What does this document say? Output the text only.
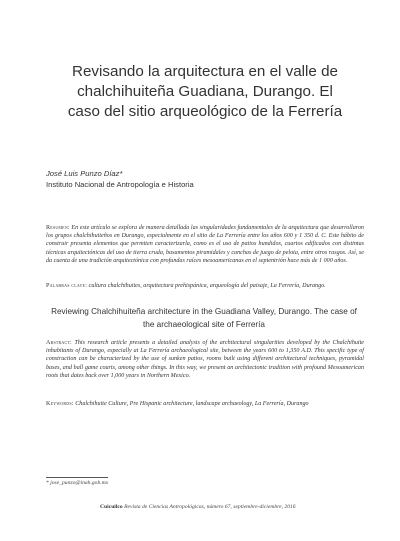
Revisando la arquitectura en el valle de chalchihuiteña Guadiana, Durango. El caso del sitio arqueológico de la Ferrería
José Luis Punzo Díaz*
Instituto Nacional de Antropología e Historia

Resumen: En este artículo se explora de manera detallada las singularidades fundamentales de la arquitectura que desarrollaron los grupos chalchihuiteños en Durango, especialmente en el sitio de La Ferrería entre los años 600 y 1 350 d. C. Este hábito de construir presenta elementos que permiten caracterizarla, como es el uso de patios hundidos, cuartos edificados con distintas técnicas arquitectónicas del uso de tierra cruda, basamentos piramidales y canchas de juego de pelota, entre otros rasgos. Así, se da cuenta de una tradición arquitectónica con profundas raíces mesoamericanas en el septentrión hace más de 1 000 años.

Palabras clave: cultura chalchihuites, arquitectura prehispánica, arqueología del paisaje, La Ferrería, Durango.

Reviewing Chalchihuiteña architecture in the Guadiana Valley, Durango. The case of the archaeological site of Ferrería

Abstract: This research article presents a detailed analysis of the architectural singularities developed by the Chalchihuite inhabitants of Durango, especially at La Ferrería archaeological site, between the years 600 to 1,350 A.D. This specific type of construction can be characterized by the use of sunken patios, rooms built using different architectural techniques, pyramidal bases, and ball game courts, among other things. In this way, we present an architectonic tradition with profound Mesoamerican roots that dates back over 1,000 years in Northern Mexico.

Keywords: Chalchihuite Culture, Pre Hispanic architecture, landscape archaeology, La Ferrería, Durango

* jose_punzo@inah.gob.mx
Cuicuilco Revista de Ciencias Antropológicas, número 67, septiembre-diciembre, 2016
